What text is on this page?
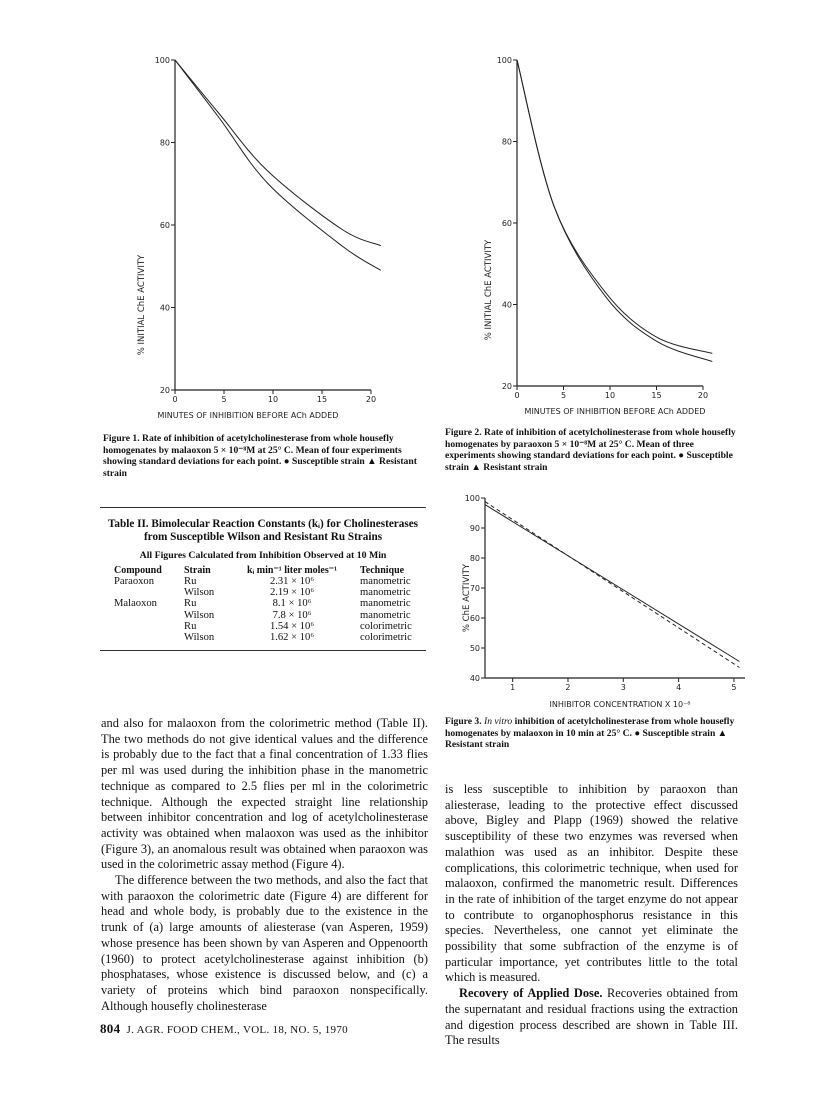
100
80
60
40
20
0	5	10	15	20
% INITIAL ChE ACTIVITY
MINUTES OF INHIBITION BEFORE ACh ADDED
Figure 1. Rate of inhibition of acetylcholinesterase from whole housefly homogenates by malaoxon 5 × 10⁻⁸M at 25° C. Mean of four experiments showing standard deviations for each point. ● Susceptible strain ▲ Resistant strain
100
80
60
40
20
0	5	10	15	20
% INITIAL ChE ACTIVITY
MINUTES OF INHIBITION BEFORE ACh ADDED
Figure 2. Rate of inhibition of acetylcholinesterase from whole housefly homogenates by paraoxon 5 × 10⁻⁸M at 25° C. Mean of three experiments showing standard deviations for each point. ● Susceptible strain ▲ Resistant strain
100
90
80
70
60
50
40
1	2	3	4	5
% ChE ACTIVITY
INHIBITOR CONCENTRATION X 10⁻⁸
Figure 3. In vitro inhibition of acetylcholinesterase from whole housefly homogenates by malaoxon in 10 min at 25° C. ● Susceptible strain ▲ Resistant strain
Table II. Bimolecular Reaction Constants (kᵢ) for Cholinesterases from Susceptible Wilson and Resistant Ru Strains
All Figures Calculated from Inhibition Observed at 10 Min
Compound	Strain	kᵢ min⁻¹ liter moles⁻¹	Technique
Paraoxon	Ru	2.31 × 10⁶	manometric
	Wilson	2.19 × 10⁶	manometric
Malaoxon	Ru	8.1 × 10⁶	manometric
	Wilson	7.8 × 10⁶	manometric
	Ru	1.54 × 10⁶	colorimetric
	Wilson	1.62 × 10⁶	colorimetric

and also for malaoxon from the colorimetric method (Table II). The two methods do not give identical values and the difference is probably due to the fact that a final concentration of 1.33 flies per ml was used during the inhibition phase in the manometric technique as compared to 2.5 flies per ml in the colorimetric technique. Although the expected straight line relationship between inhibitor concentration and log of acetylcholinesterase activity was obtained when malaoxon was used as the inhibitor (Figure 3), an anomalous result was obtained when paraoxon was used in the colorimetric assay method (Figure 4).

The difference between the two methods, and also the fact that with paraoxon the colorimetric date (Figure 4) are different for head and whole body, is probably due to the existence in the trunk of (a) large amounts of aliesterase (van Asperen, 1959) whose presence has been shown by van Asperen and Oppenoorth (1960) to protect acetylcholinesterase against inhibition (b) phosphatases, whose existence is discussed below, and (c) a variety of proteins which bind paraoxon nonspecifically. Although housefly cholinesterase

is less susceptible to inhibition by paraoxon than aliesterase, leading to the protective effect discussed above, Bigley and Plapp (1969) showed the relative susceptibility of these two enzymes was reversed when malathion was used as an inhibitor. Despite these complications, this colorimetric technique, when used for malaoxon, confirmed the manometric result. Differences in the rate of inhibition of the target enzyme do not appear to contribute to organophosphorus resistance in this species. Nevertheless, one cannot yet eliminate the possibility that some subfraction of the enzyme is of particular importance, yet contributes little to the total which is measured.

Recovery of Applied Dose. Recoveries obtained from the supernatant and residual fractions using the extraction and digestion process described are shown in Table III. The results

804 J. AGR. FOOD CHEM., VOL. 18, NO. 5, 1970
